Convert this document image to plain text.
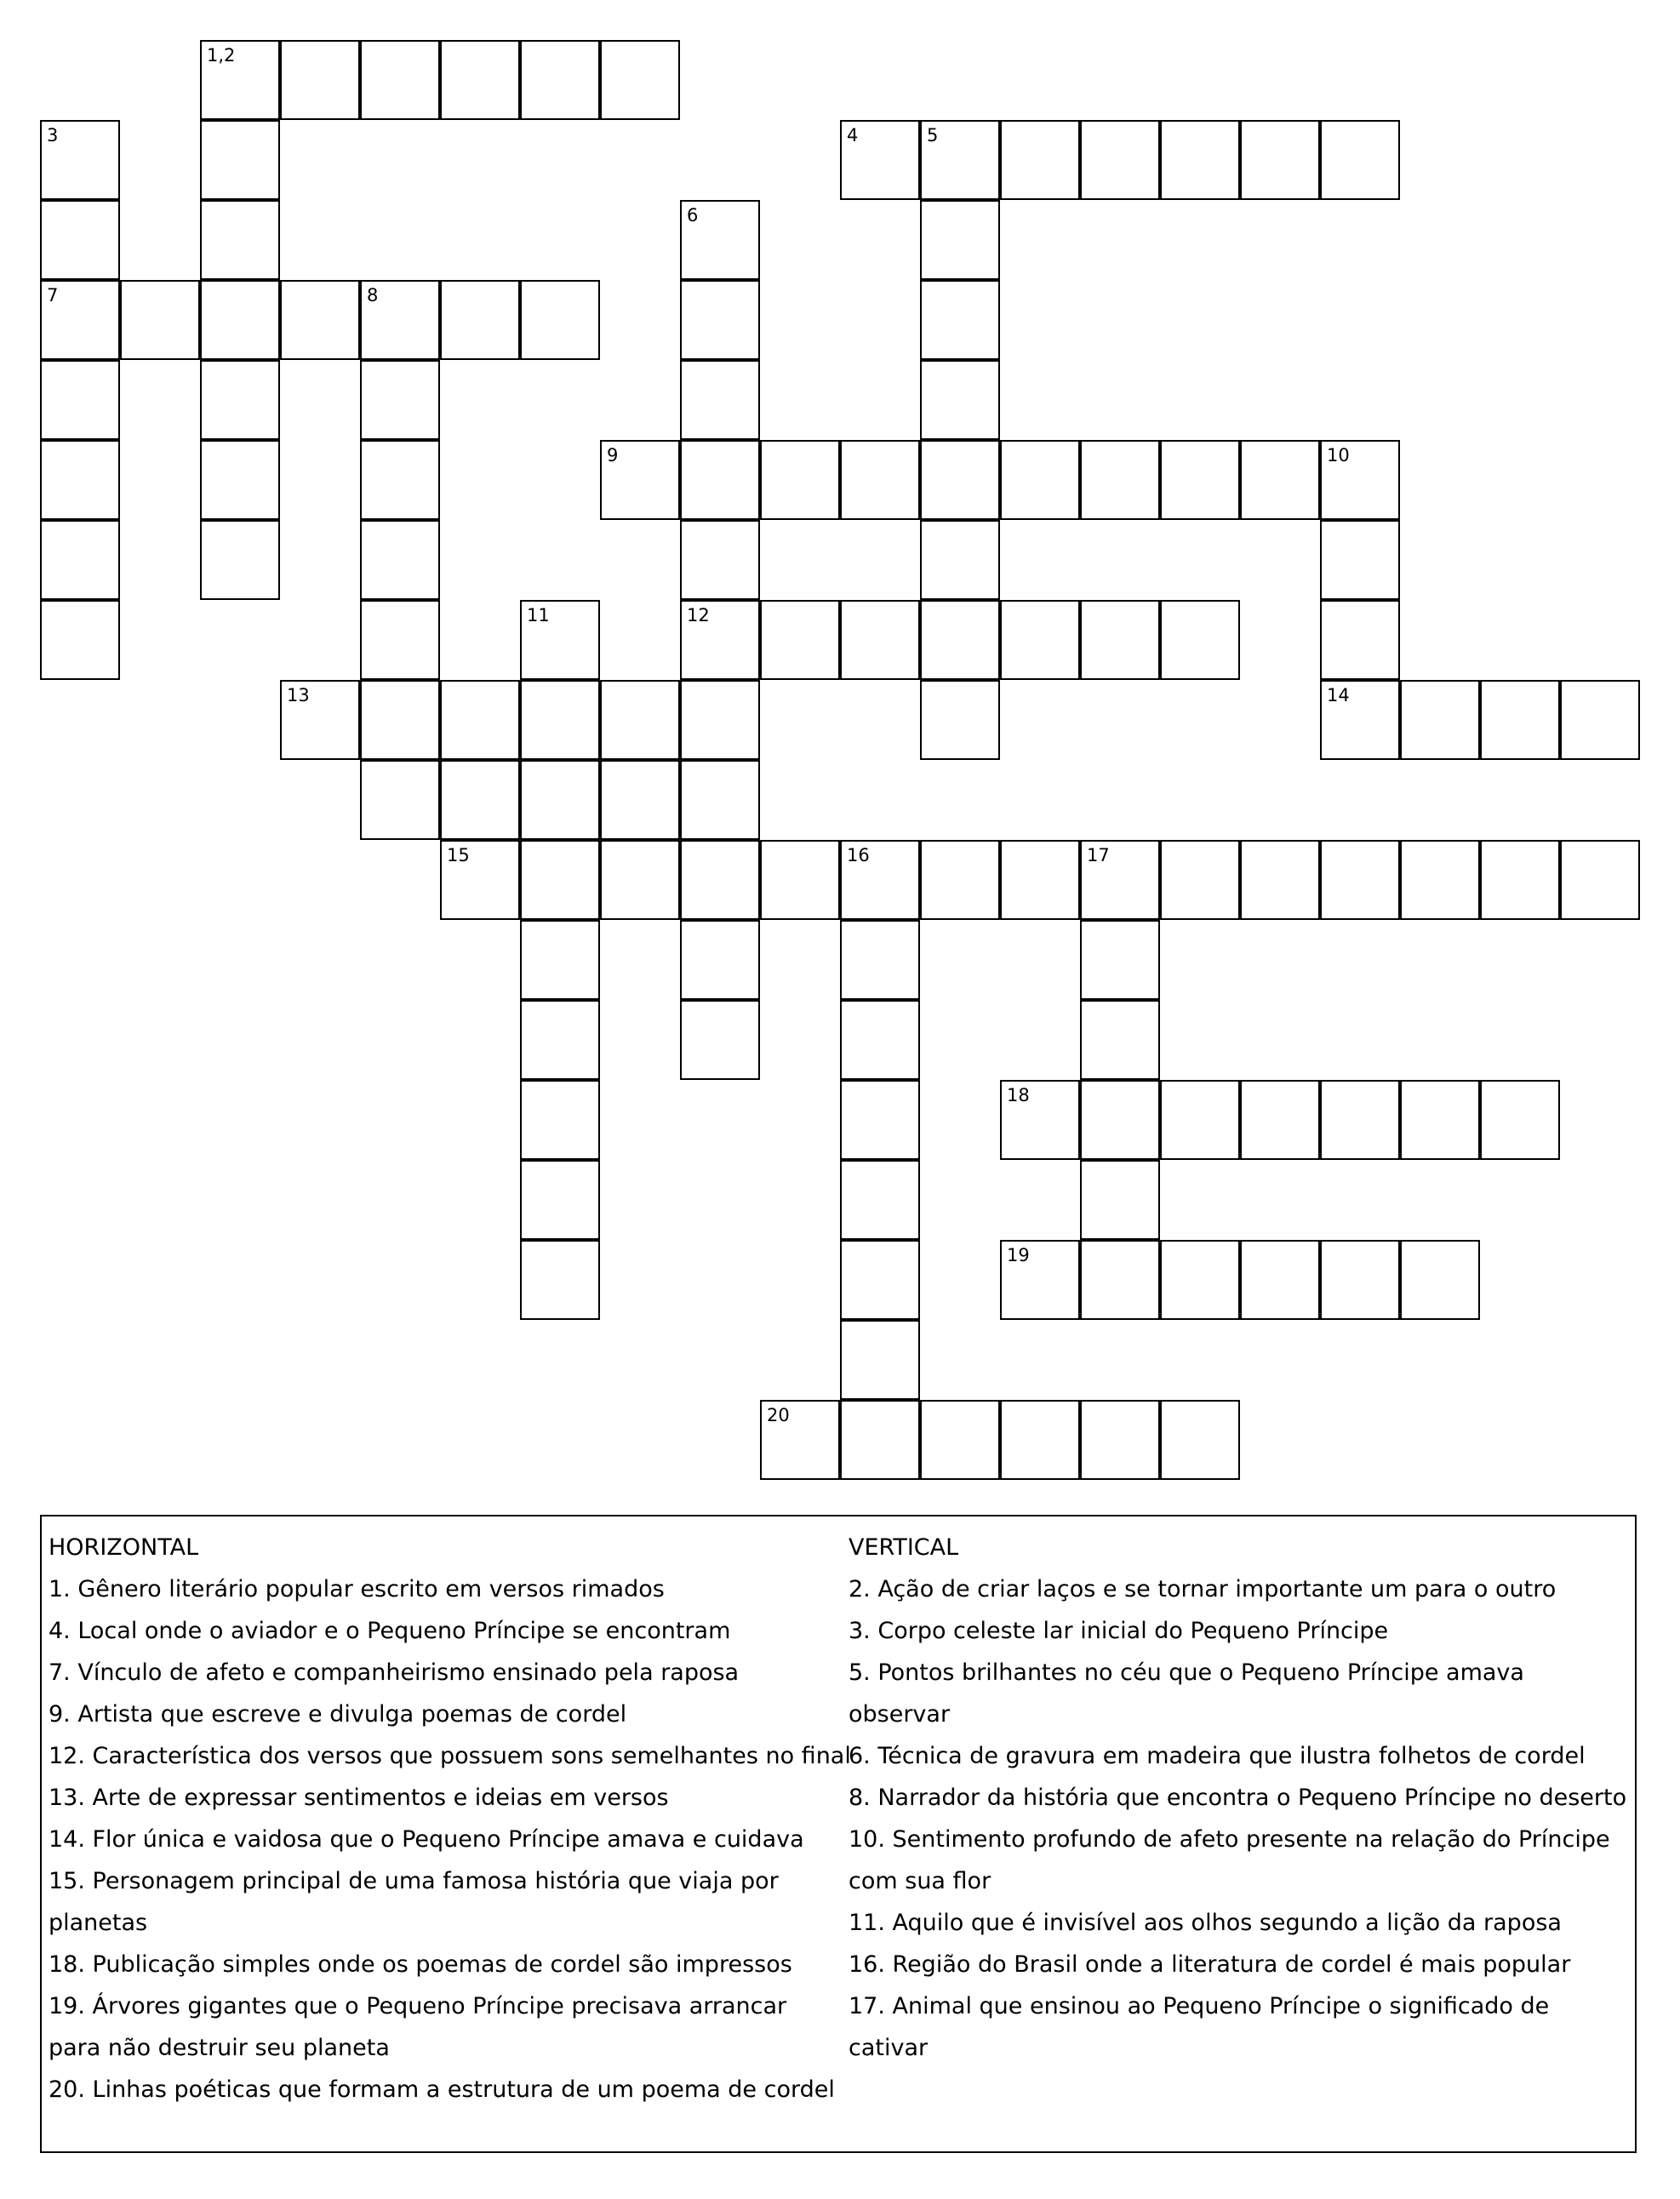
1,2
3	4	5
6
7	8
9	10
11	12
13	14
15	16	17
18
19
20
HORIZONTAL
1. Gênero literário popular escrito em versos rimados
4. Local onde o aviador e o Pequeno Príncipe se encontram
7. Vínculo de afeto e companheirismo ensinado pela raposa
9. Artista que escreve e divulga poemas de cordel
12. Característica dos versos que possuem sons semelhantes no final
13. Arte de expressar sentimentos e ideias em versos
14. Flor única e vaidosa que o Pequeno Príncipe amava e cuidava
15. Personagem principal de uma famosa história que viaja por
planetas
18. Publicação simples onde os poemas de cordel são impressos
19. Árvores gigantes que o Pequeno Príncipe precisava arrancar
para não destruir seu planeta
20. Linhas poéticas que formam a estrutura de um poema de cordel
VERTICAL
2. Ação de criar laços e se tornar importante um para o outro
3. Corpo celeste lar inicial do Pequeno Príncipe
5. Pontos brilhantes no céu que o Pequeno Príncipe amava observar
6. Técnica de gravura em madeira que ilustra folhetos de cordel
8. Narrador da história que encontra o Pequeno Príncipe no deserto
10. Sentimento profundo de afeto presente na relação do Príncipe
com sua flor
11. Aquilo que é invisível aos olhos segundo a lição da raposa
16. Região do Brasil onde a literatura de cordel é mais popular
17. Animal que ensinou ao Pequeno Príncipe o significado de cativar
